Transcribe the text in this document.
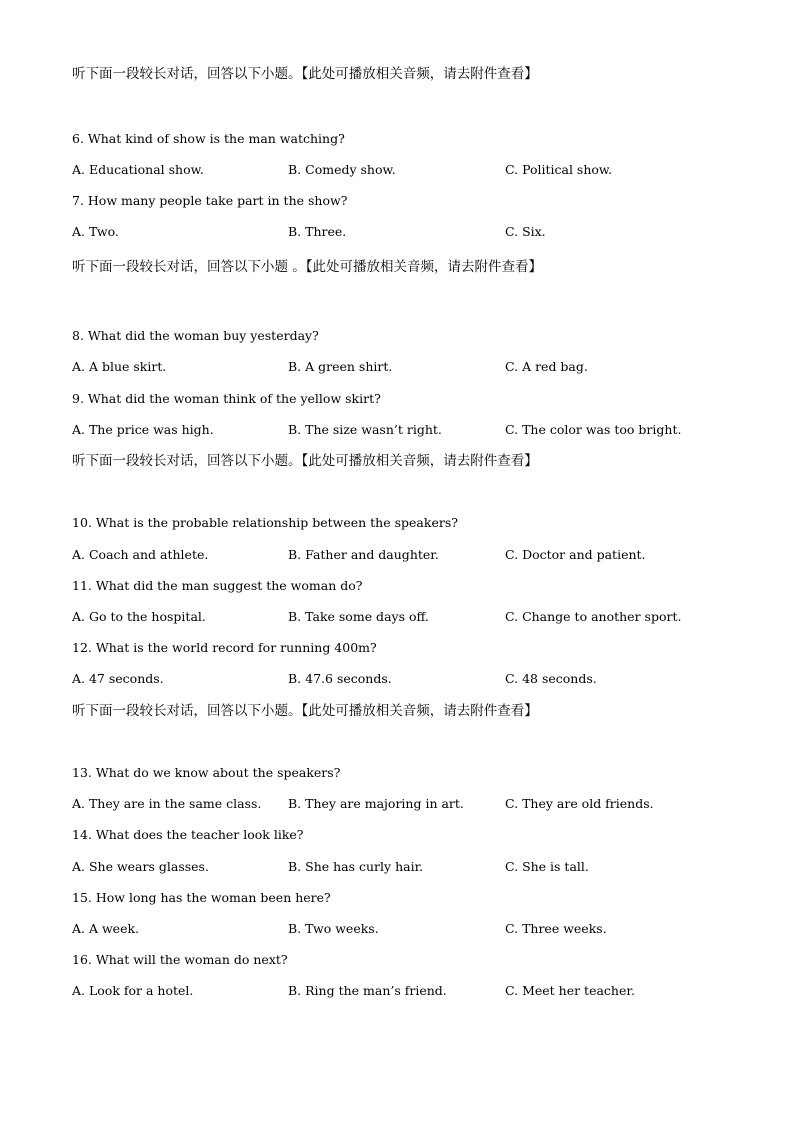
听下面一段较长对话，回答以下小题。【此处可播放相关音频，请去附件查看】
6. What kind of show is the man watching?
A. Educational show.	B. Comedy show.	C. Political show.
7. How many people take part in the show?
A. Two.	B. Three.	C. Six.
听下面一段较长对话，回答以下小题 。【此处可播放相关音频，请去附件查看】
8. What did the woman buy yesterday?
A. A blue skirt.	B. A green shirt.	C. A red bag.
9. What did the woman think of the yellow skirt?
A. The price was high.	B. The size wasn’t right.	C. The color was too bright.
听下面一段较长对话，回答以下小题。【此处可播放相关音频，请去附件查看】
10. What is the probable relationship between the speakers?
A. Coach and athlete.	B. Father and daughter.	C. Doctor and patient.
11. What did the man suggest the woman do?
A. Go to the hospital.	B. Take some days off.	C. Change to another sport.
12. What is the world record for running 400m?
A. 47 seconds.	B. 47.6 seconds.	C. 48 seconds.
听下面一段较长对话，回答以下小题。【此处可播放相关音频，请去附件查看】
13. What do we know about the speakers?
A. They are in the same class. B. They are majoring in art.	C. They are old friends.
14. What does the teacher look like?
A. She wears glasses.	B. She has curly hair.	C. She is tall.
15. How long has the woman been here?
A. A week.	B. Two weeks.	C. Three weeks.
16. What will the woman do next?
A. Look for a hotel.	B. Ring the man’s friend.	C. Meet her teacher.
